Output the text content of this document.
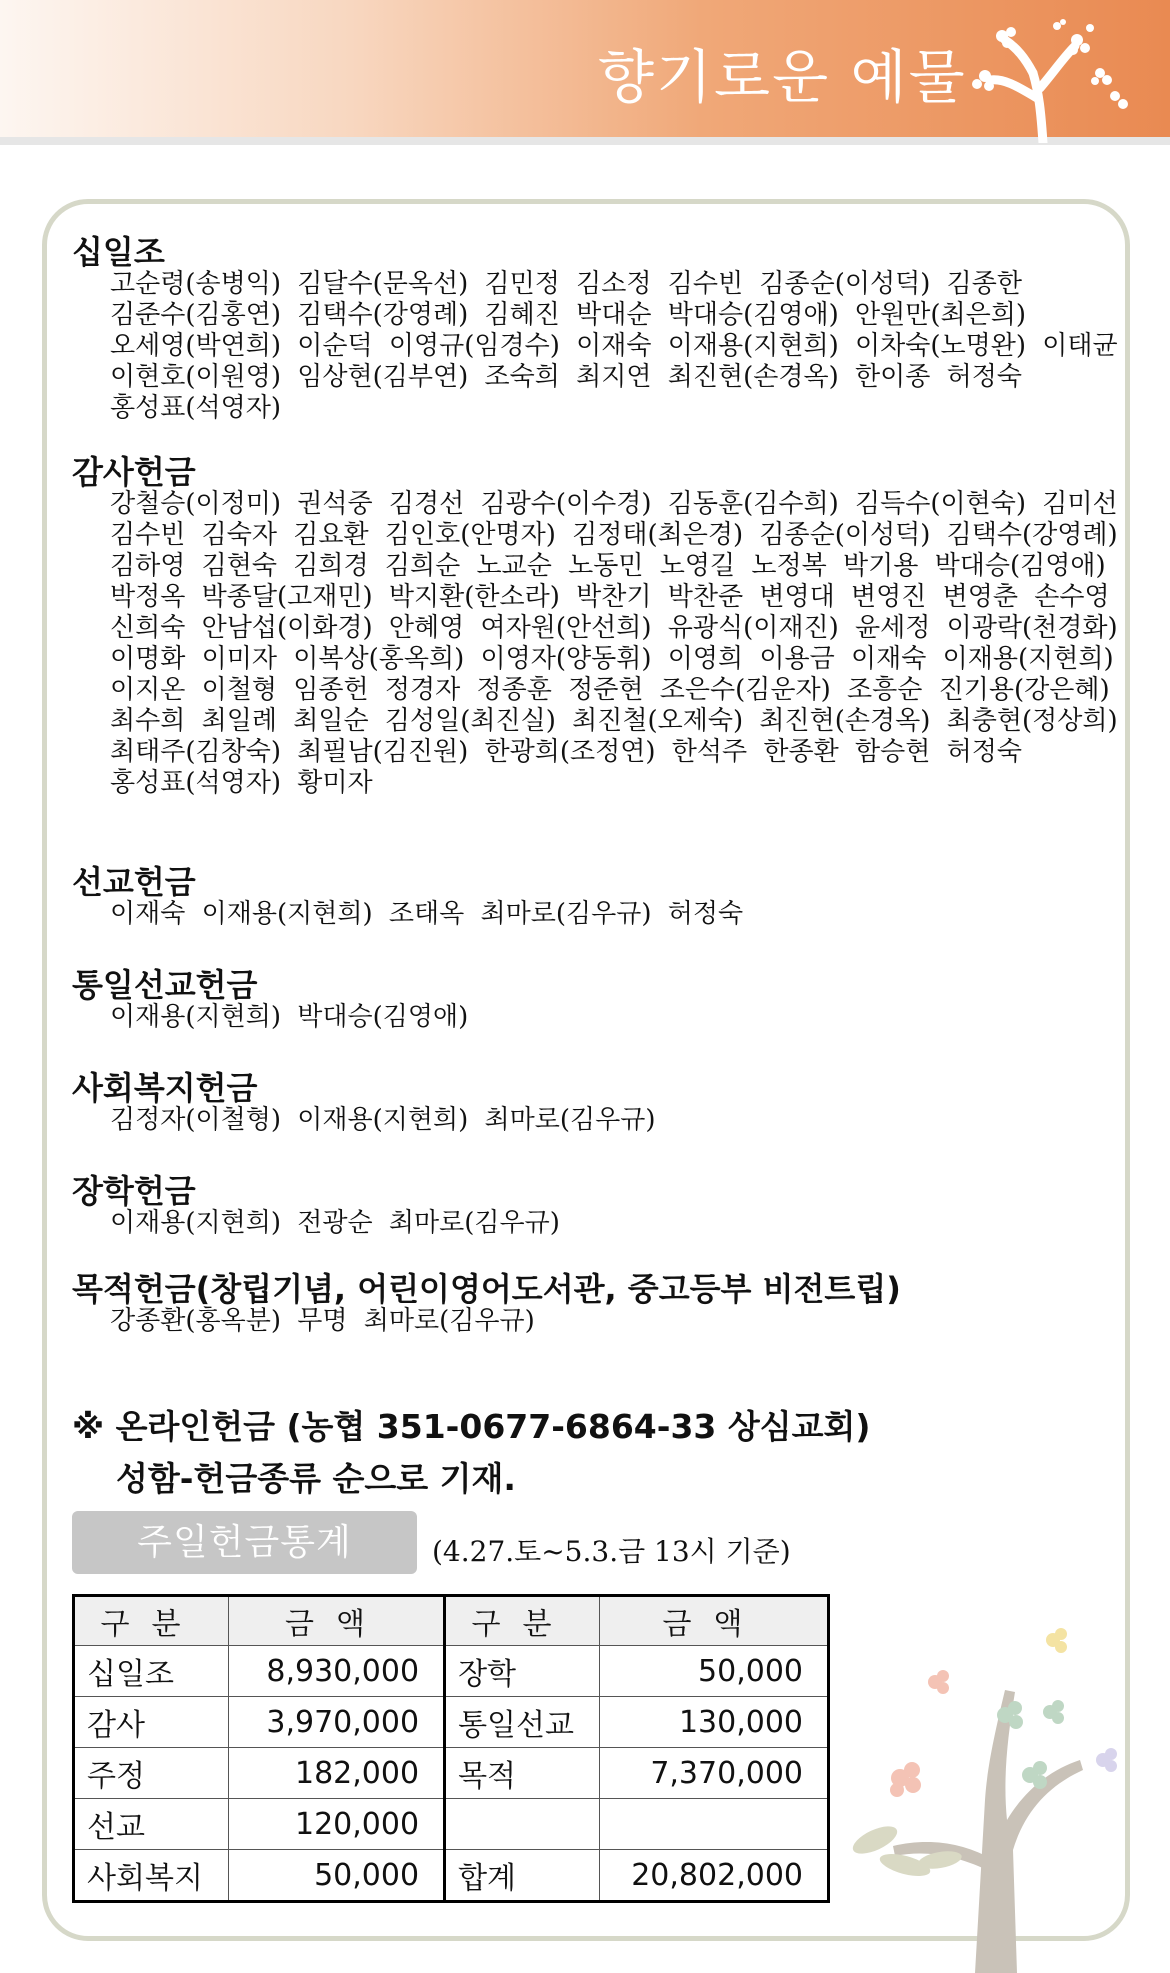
향기로운 예물
십일조
고순령(송병익) 김달수(문옥선) 김민정 김소정 김수빈 김종순(이성덕) 김종한 김준수(김홍연) 김택수(강영례) 김혜진 박대순 박대승(김영애) 안원만(최은희) 오세영(박연희) 이순덕 이영규(임경수) 이재숙 이재용(지현희) 이차숙(노명완) 이태균 이현호(이원영) 임상현(김부연) 조숙희 최지연 최진현(손경옥) 한이종 허정숙 홍성표(석영자)
감사헌금
강철승(이정미) 권석중 김경선 김광수(이수경) 김동훈(김수희) 김득수(이현숙) 김미선 김수빈 김숙자 김요환 김인호(안명자) 김정태(최은경) 김종순(이성덕) 김택수(강영례) 김하영 김현숙 김희경 김희순 노교순 노동민 노영길 노정복 박기용 박대승(김영애) 박정옥 박종달(고재민) 박지환(한소라) 박찬기 박찬준 변영대 변영진 변영춘 손수영 신희숙 안남섭(이화경) 안혜영 여자원(안선희) 유광식(이재진) 윤세정 이광락(천경화) 이명화 이미자 이복상(홍옥희) 이영자(양동휘) 이영희 이용금 이재숙 이재용(지현희) 이지온 이철형 임종헌 정경자 정종훈 정준현 조은수(김운자) 조흥순 진기용(강은혜) 최수희 최일례 최일순 김성일(최진실) 최진철(오제숙) 최진현(손경옥) 최충현(정상희) 최태주(김창숙) 최필남(김진원) 한광희(조정연) 한석주 한종환 함승현 허정숙 홍성표(석영자) 황미자
선교헌금
이재숙 이재용(지현희) 조태옥 최마로(김우규) 허정숙
통일선교헌금
이재용(지현희) 박대승(김영애)
사회복지헌금
김정자(이철형) 이재용(지현희) 최마로(김우규)
장학헌금
이재용(지현희) 전광순 최마로(김우규)
목적헌금(창립기념, 어린이영어도서관, 중고등부 비전트립)
강종환(홍옥분) 무명 최마로(김우규)
※ 온라인헌금 (농협 351-0677-6864-33 상심교회)
성함-헌금종류 순으로 기재.
주일헌금통계	(4.27.토~5.3.금 13시 기준)
구분	금액	구분	금액
십일조	8,930,000	장학	50,000
감사	3,970,000	통일선교	130,000
주정	182,000	목적	7,370,000
선교	120,000		
사회복지	50,000	합계	20,802,000
